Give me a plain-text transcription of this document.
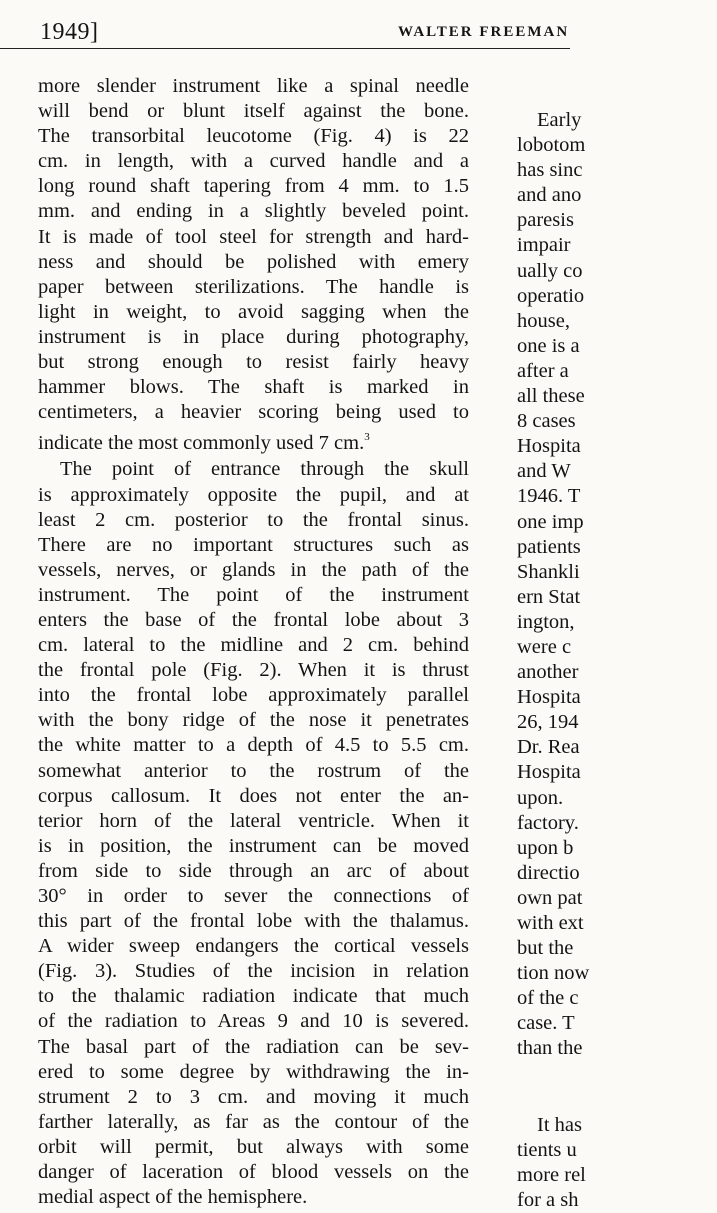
1949]	WALTER FREEMAN
more slender instrument like a spinal needle
will bend or blunt itself against the bone.
The transorbital leucotome (Fig. 4) is 22
cm. in length, with a curved handle and a
long round shaft tapering from 4 mm. to 1.5
mm. and ending in a slightly beveled point.
It is made of tool steel for strength and hard-
ness and should be polished with emery
paper between sterilizations. The handle is
light in weight, to avoid sagging when the
instrument is in place during photography,
but strong enough to resist fairly heavy
hammer blows. The shaft is marked in
centimeters, a heavier scoring being used to
indicate the most commonly used 7 cm.$^3$
The point of entrance through the skull
is approximately opposite the pupil, and at
least 2 cm. posterior to the frontal sinus.
There are no important structures such as
vessels, nerves, or glands in the path of the
instrument. The point of the instrument
enters the base of the frontal lobe about 3
cm. lateral to the midline and 2 cm. behind
the frontal pole (Fig. 2). When it is thrust
into the frontal lobe approximately parallel
with the bony ridge of the nose it penetrates
the white matter to a depth of 4.5 to 5.5 cm.
somewhat anterior to the rostrum of the
corpus callosum. It does not enter the an-
terior horn of the lateral ventricle. When it
is in position, the instrument can be moved
from side to side through an arc of about
30° in order to sever the connections of
this part of the frontal lobe with the thalamus.
A wider sweep endangers the cortical vessels
(Fig. 3). Studies of the incision in relation
to the thalamic radiation indicate that much
of the radiation to Areas 9 and 10 is severed.
The basal part of the radiation can be sev-
ered to some degree by withdrawing the in-
strument 2 to 3 cm. and moving it much
farther laterally, as far as the contour of the
orbit will permit, but always with some
danger of laceration of blood vessels on the
medial aspect of the hemisphere.
Early
lobotom
has sinc
and ano
paresis
impair
ually co
operatio
house,
one is a
after a
all these
8 cases
Hospita
and W
1946. T
one imp
patients
Shankli
ern Stat
ington,
were c
another
Hospita
26, 194
Dr. Rea
Hospita
upon.
factory.
upon b
directio
own pat
with ext
but the
tion now
of the c
case. T
than the
It has
tients u
more rel
for a sh
